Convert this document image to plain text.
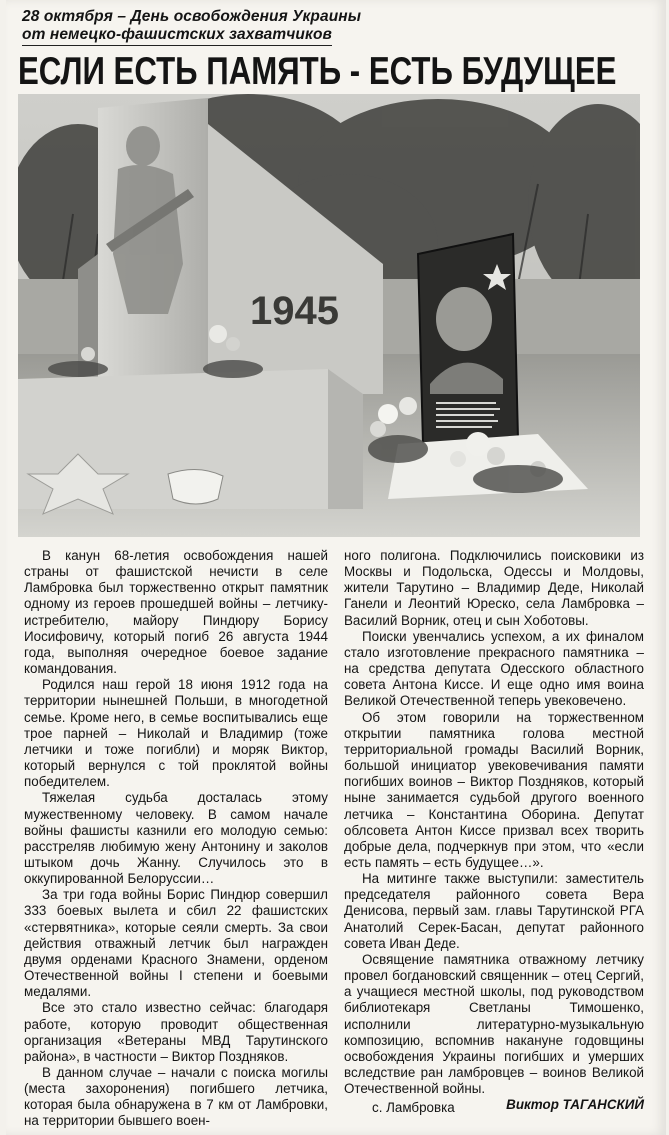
28 октября – День освобождения Украины
от немецко-фашистских захватчиков
ЕСЛИ ЕСТЬ ПАМЯТЬ - ЕСТЬ БУДУЩЕЕ
1945

В канун 68-летия освобождения нашей страны от фашистской нечисти в селе Ламбровка был торжественно открыт памятник одному из героев прошедшей войны – летчику-истребителю, майору Пиндюру Борису Иосифовичу, который погиб 26 августа 1944 года, выполняя очередное боевое задание командования.

Родился наш герой 18 июня 1912 года на территории нынешней Польши, в многодетной семье. Кроме него, в семье воспитывались еще трое парней – Николай и Владимир (тоже летчики и тоже погибли) и моряк Виктор, который вернулся с той проклятой войны победителем.

Тяжелая судьба досталась этому мужественному человеку. В самом начале войны фашисты казнили его молодую семью: расстреляв любимую жену Антонину и заколов штыком дочь Жанну. Случилось это в оккупированной Белоруссии…

За три года войны Борис Пиндюр совершил 333 боевых вылета и сбил 22 фашистских «стервятника», которые сеяли смерть. За свои действия отважный летчик был награжден двумя орденами Красного Знамени, орденом Отечественной войны I степени и боевыми медалями.

Все это стало известно сейчас: благодаря работе, которую проводит общественная организация «Ветераны МВД Тарутинского района», в частности – Виктор Поздняков.

В данном случае – начали с поиска могилы (места захоронения) погибшего летчика, которая была обнаружена в 7 км от Ламбровки, на территории бывшего воен-

ного полигона. Подключились поисковики из Москвы и Подольска, Одессы и Молдовы, жители Тарутино – Владимир Деде, Николай Ганели и Леонтий Юреско, села Ламбровка – Василий Ворник, отец и сын Хоботовы.

Поиски увенчались успехом, а их финалом стало изготовление прекрасного памятника – на средства депутата Одесского областного совета Антона Киссе. И еще одно имя воина Великой Отечественной теперь увековечено.

Об этом говорили на торжественном открытии памятника голова местной территориальной громады Василий Ворник, большой инициатор увековечивания памяти погибших воинов – Виктор Поздняков, который ныне занимается судьбой другого военного летчика – Константина Оборина. Депутат облсовета Антон Киссе призвал всех творить добрые дела, подчеркнув при этом, что «если есть память – есть будущее…».

На митинге также выступили: заместитель председателя районного совета Вера Денисова, первый зам. главы Тарутинской РГА Анатолий Серек-Басан, депутат районного совета Иван Деде.

Освящение памятника отважному летчику провел богдановский священник – отец Сергий, а учащиеся местной школы, под руководством библиотекаря Светланы Тимошенко, исполнили литературно-музыкальную композицию, вспомнив накануне годовщины освобождения Украины погибших и умерших вследствие ран ламбровцев – воинов Великой Отечественной войны.

Виктор ТАГАНСКИЙ
с. Ламбровка
